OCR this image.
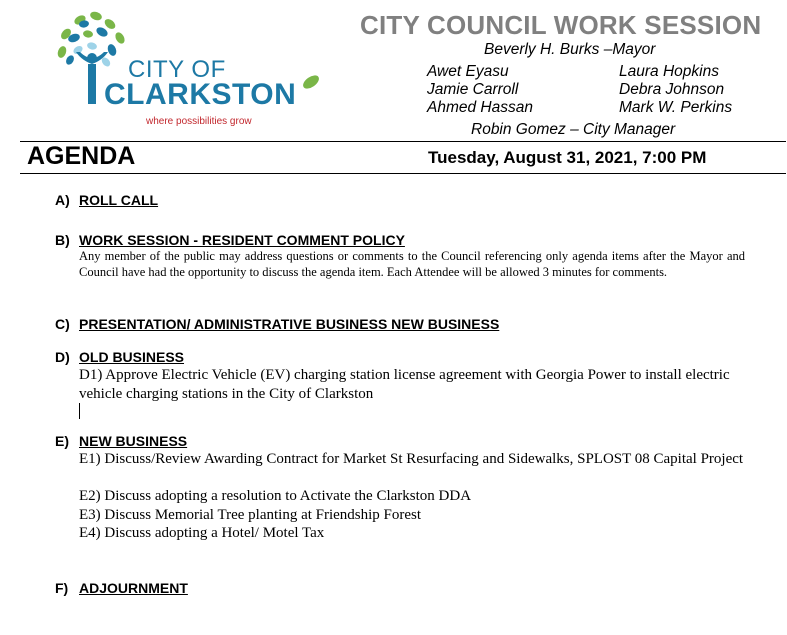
CITY OF
CLARKSTON
where possibilities grow
CITY COUNCIL WORK SESSION
Beverly H. Burks –Mayor
Awet Eyasu
Jamie Carroll
Ahmed Hassan
Laura Hopkins
Debra Johnson
Mark W. Perkins
Robin Gomez – City Manager
AGENDA	Tuesday, August 31, 2021, 7:00 PM
A) ROLL CALL
B) WORK SESSION - RESIDENT COMMENT POLICY
Any member of the public may address questions or comments to the Council referencing only agenda items after the Mayor and Council have had the opportunity to discuss the agenda item. Each Attendee will be allowed 3 minutes for comments.
C) PRESENTATION/ ADMINISTRATIVE BUSINESS NEW BUSINESS
D) OLD BUSINESS
D1) Approve Electric Vehicle (EV) charging station license agreement with Georgia Power to install electric vehicle charging stations in the City of Clarkston
E) NEW BUSINESS
E1) Discuss/Review Awarding Contract for Market St Resurfacing and Sidewalks, SPLOST 08 Capital Project
E2) Discuss adopting a resolution to Activate the Clarkston DDA
E3) Discuss Memorial Tree planting at Friendship Forest
E4) Discuss adopting a Hotel/ Motel Tax
F) ADJOURNMENT
